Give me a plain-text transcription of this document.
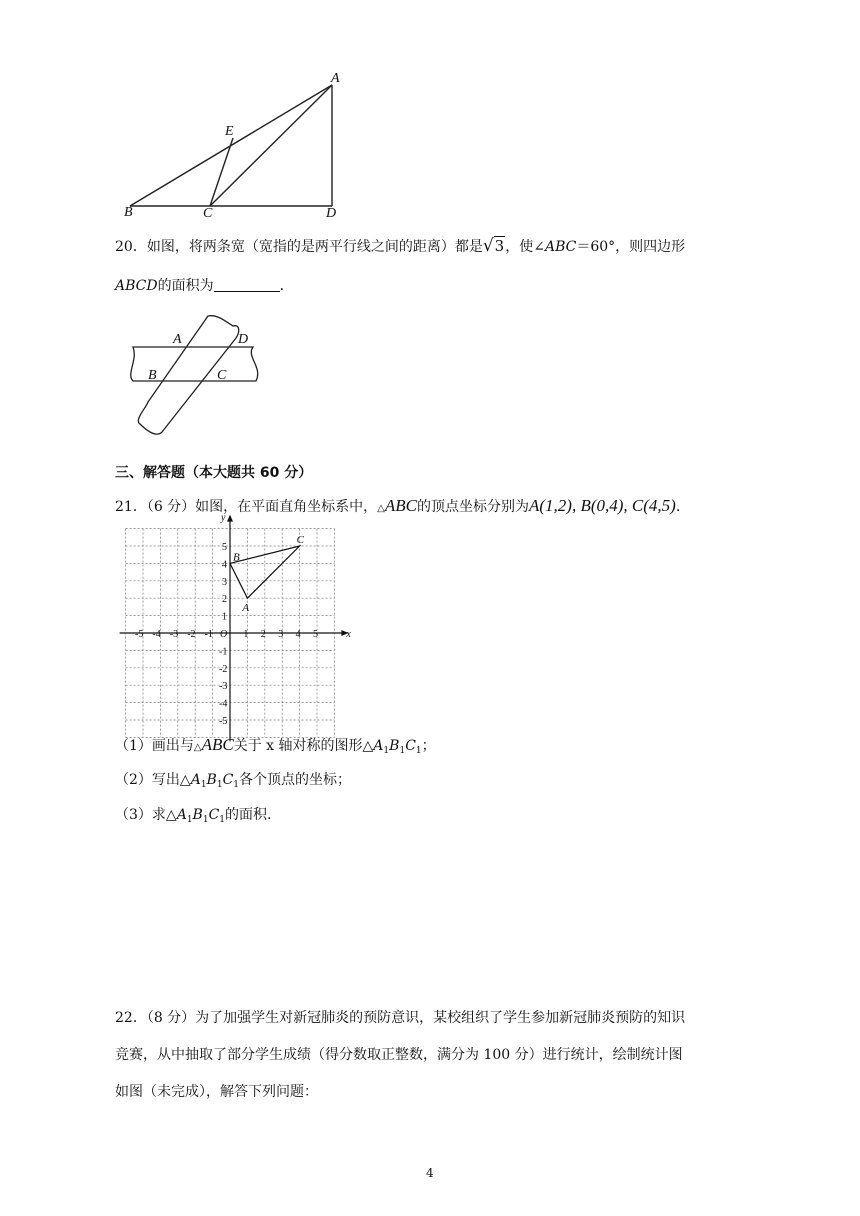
A
B	C	D
E
20．如图，将两条宽（宽指的是两平行线之间的距离）都是√3，使∠ABC＝60°，则四边形
ABCD的面积为	．
A	D
B	C
三、解答题（本大题共 60 分）
21．（6 分）如图，在平面直角坐标系中，△ABC的顶点坐标分别为A(1,2), B(0,4), C(4,5).
x
y
O
-5 -4 -3 -2 -1	1 2 3 4 5
5
4
3
2
1
-1
-2
-3
-4
-5
A
B
C
（1）画出与△ABC关于 x 轴对称的图形$\triangle A_1B_1C_1$；
（2）写出$\triangle A_1B_1C_1$各个顶点的坐标；
（3）求$\triangle A_1B_1C_1$的面积.
22．（8 分）为了加强学生对新冠肺炎的预防意识，某校组织了学生参加新冠肺炎预防的知识
竞赛，从中抽取了部分学生成绩（得分数取正整数，满分为 100 分）进行统计，绘制统计图
如图（未完成），解答下列问题：
4
